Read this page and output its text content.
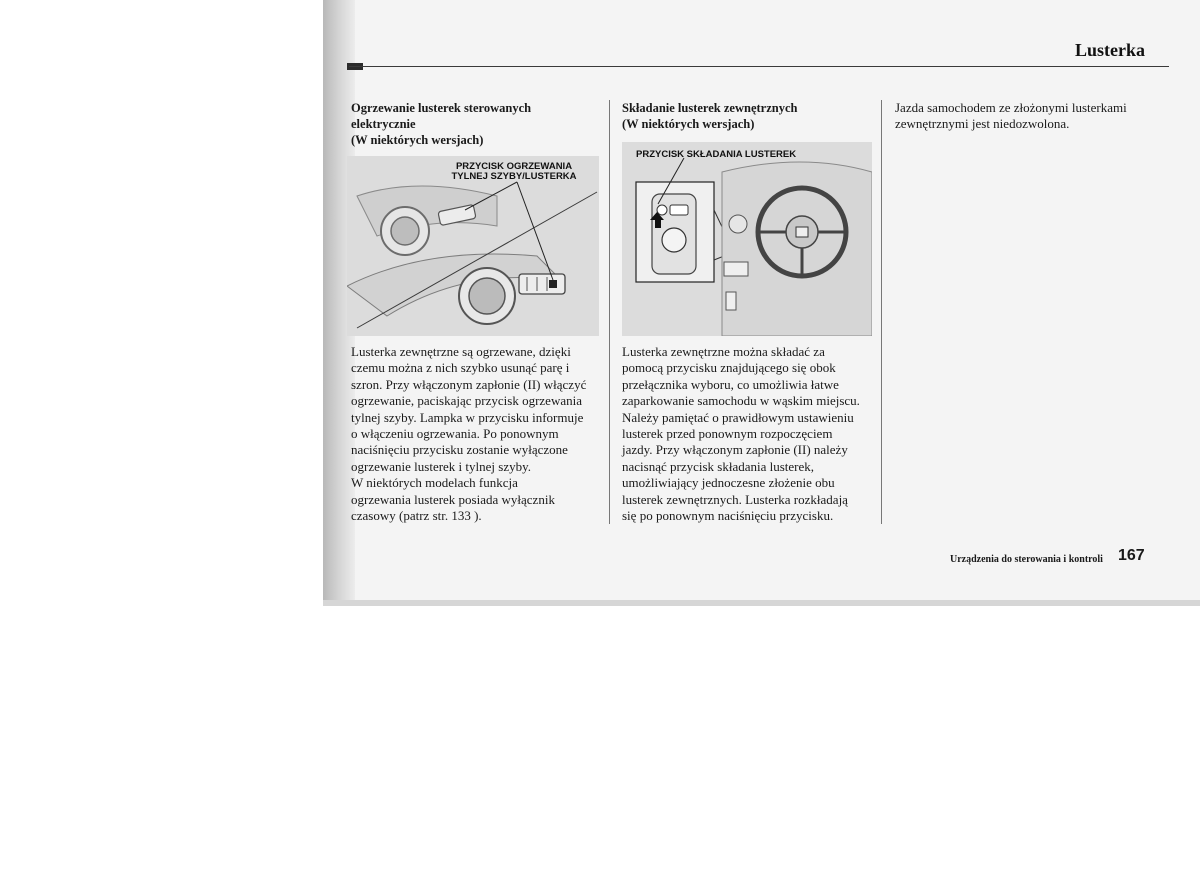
Lusterka

Ogrzewanie lusterek sterowanych
elektrycznie
(W niektórych wersjach)

PRZYCISK OGRZEWANIA
TYLNEJ SZYBY/LUSTERKA

Lusterka zewnętrzne są ogrzewane, dzięki
czemu można z nich szybko usunąć parę i
szron. Przy włączonym zapłonie (II) włączyć
ogrzewanie, paciskając przycisk ogrzewania
tylnej szyby. Lampka w przycisku informuje
o włączeniu ogrzewania. Po ponownym
naciśnięciu przycisku zostanie wyłączone
ogrzewanie lusterek i tylnej szyby.
W niektórych modelach funkcja
ogrzewania lusterek posiada wyłącznik
czasowy (patrz str. 133 ).

Składanie lusterek zewnętrznych
(W niektórych wersjach)

PRZYCISK SKŁADANIA LUSTEREK

Lusterka zewnętrzne można składać za
pomocą przycisku znajdującego się obok
przełącznika wyboru, co umożliwia łatwe
zaparkowanie samochodu w wąskim miejscu.
Należy pamiętać o prawidłowym ustawieniu
lusterek przed ponownym rozpoczęciem
jazdy. Przy włączonym zapłonie (II) należy
nacisnąć przycisk składania lusterek,
umożliwiający jednoczesne złożenie obu
lusterek zewnętrznych. Lusterka rozkładają
się po ponownym naciśnięciu przycisku.

Jazda samochodem ze złożonymi lusterkami
zewnętrznymi jest niedozwolona.

Urządzenia do sterowania i kontroli 167
